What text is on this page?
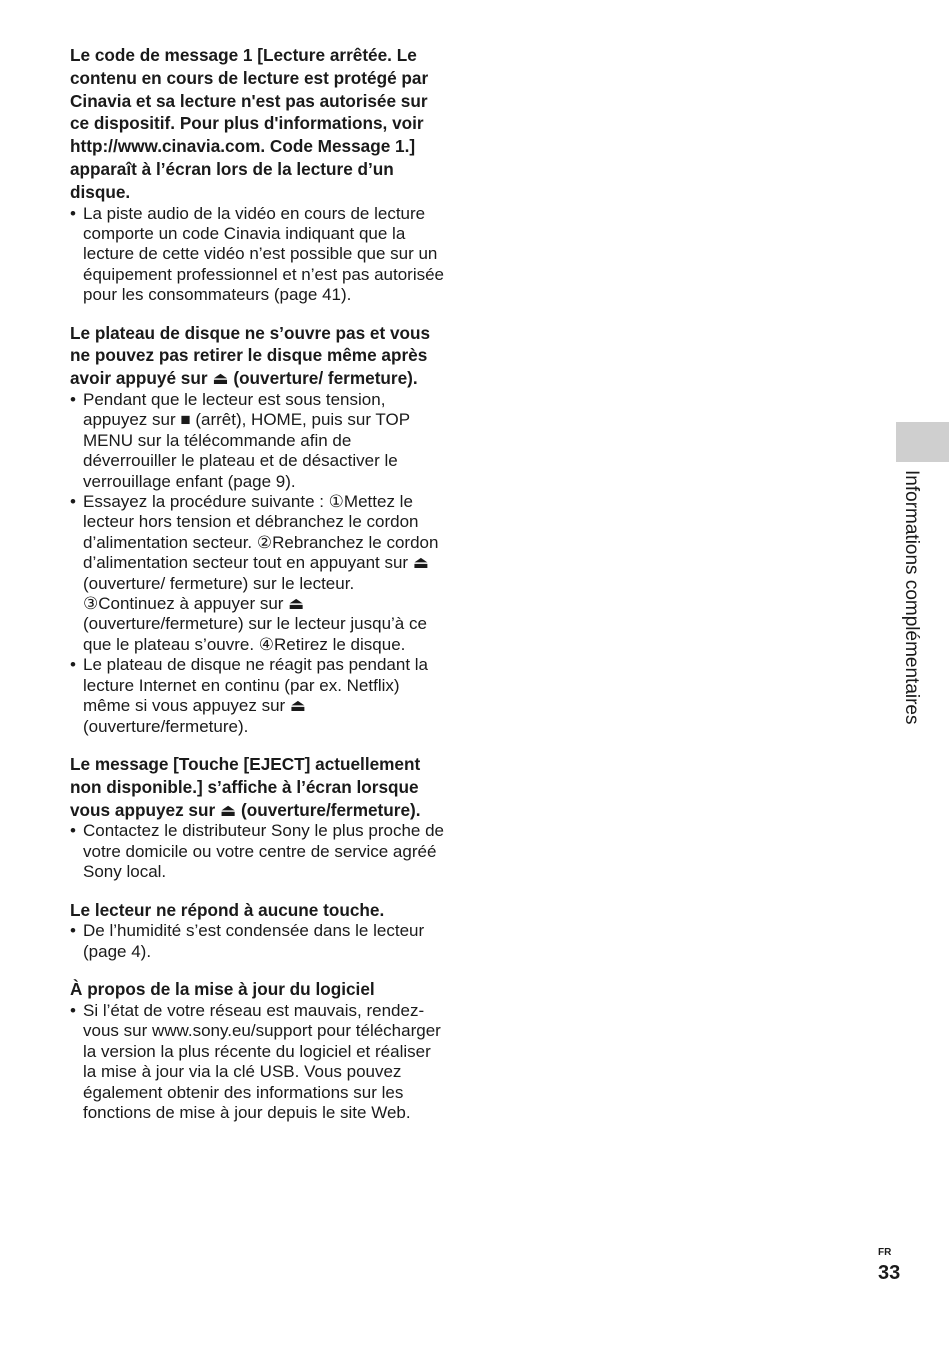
Le code de message 1 [Lecture arrêtée. Le contenu en cours de lecture est protégé par Cinavia et sa lecture n'est pas autorisée sur ce dispositif. Pour plus d'informations, voir http://www.cinavia.com. Code Message 1.] apparaît à l’écran lors de la lecture d’un disque.

• La piste audio de la vidéo en cours de lecture comporte un code Cinavia indiquant que la lecture de cette vidéo n’est possible que sur un équipement professionnel et n’est pas autorisée pour les consommateurs (page 41).

Le plateau de disque ne s’ouvre pas et vous ne pouvez pas retirer le disque même après avoir appuyé sur ⏏ (ouverture/ fermeture).

• Pendant que le lecteur est sous tension, appuyez sur ■ (arrêt), HOME, puis sur TOP MENU sur la télécommande afin de déverrouiller le plateau et de désactiver le verrouillage enfant (page 9).
• Essayez la procédure suivante : ①Mettez le lecteur hors tension et débranchez le cordon d’alimentation secteur. ②Rebranchez le cordon d’alimentation secteur tout en appuyant sur ⏏ (ouverture/ fermeture) sur le lecteur. ③Continuez à appuyer sur ⏏ (ouverture/fermeture) sur le lecteur jusqu’à ce que le plateau s’ouvre. ④Retirez le disque.
• Le plateau de disque ne réagit pas pendant la lecture Internet en continu (par ex. Netflix) même si vous appuyez sur ⏏ (ouverture/fermeture).

Le message [Touche [EJECT] actuellement non disponible.] s’affiche à l’écran lorsque vous appuyez sur ⏏ (ouverture/fermeture).

• Contactez le distributeur Sony le plus proche de votre domicile ou votre centre de service agréé Sony local.

Le lecteur ne répond à aucune touche.

• De l’humidité s’est condensée dans le lecteur (page 4).

À propos de la mise à jour du logiciel

• Si l’état de votre réseau est mauvais, rendez-vous sur www.sony.eu/support pour télécharger la version la plus récente du logiciel et réaliser la mise à jour via la clé USB. Vous pouvez également obtenir des informations sur les fonctions de mise à jour depuis le site Web.
Informations complémentaires
FR
33
